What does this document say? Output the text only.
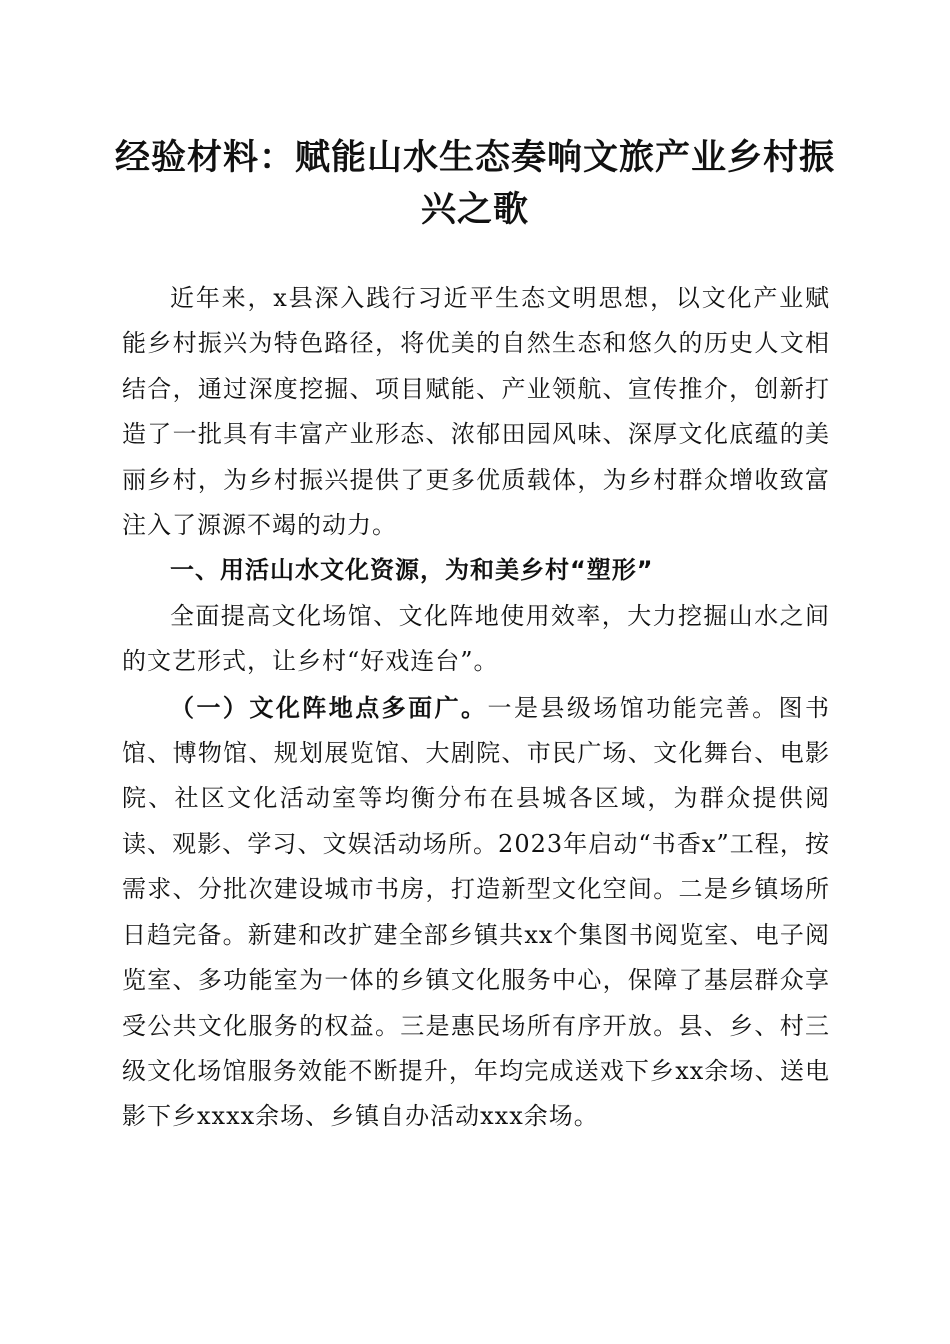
经验材料：赋能山水生态奏响文旅产业乡村振兴之歌

近年来，x县深入践行习近平生态文明思想，以文化产业赋能乡村振兴为特色路径，将优美的自然生态和悠久的历史人文相结合，通过深度挖掘、项目赋能、产业领航、宣传推介，创新打造了一批具有丰富产业形态、浓郁田园风味、深厚文化底蕴的美丽乡村，为乡村振兴提供了更多优质载体，为乡村群众增收致富注入了源源不竭的动力。

一、用活山水文化资源，为和美乡村“塑形”

全面提高文化场馆、文化阵地使用效率，大力挖掘山水之间的文艺形式，让乡村“好戏连台”。

（一）文化阵地点多面广。一是县级场馆功能完善。图书馆、博物馆、规划展览馆、大剧院、市民广场、文化舞台、电影院、社区文化活动室等均衡分布在县城各区域，为群众提供阅读、观影、学习、文娱活动场所。2023年启动“书香x”工程，按需求、分批次建设城市书房，打造新型文化空间。二是乡镇场所日趋完备。新建和改扩建全部乡镇共xx个集图书阅览室、电子阅览室、多功能室为一体的乡镇文化服务中心，保障了基层群众享受公共文化服务的权益。三是惠民场所有序开放。县、乡、村三级文化场馆服务效能不断提升，年均完成送戏下乡xx余场、送电影下乡xxxx余场、乡镇自办活动xxx余场。
